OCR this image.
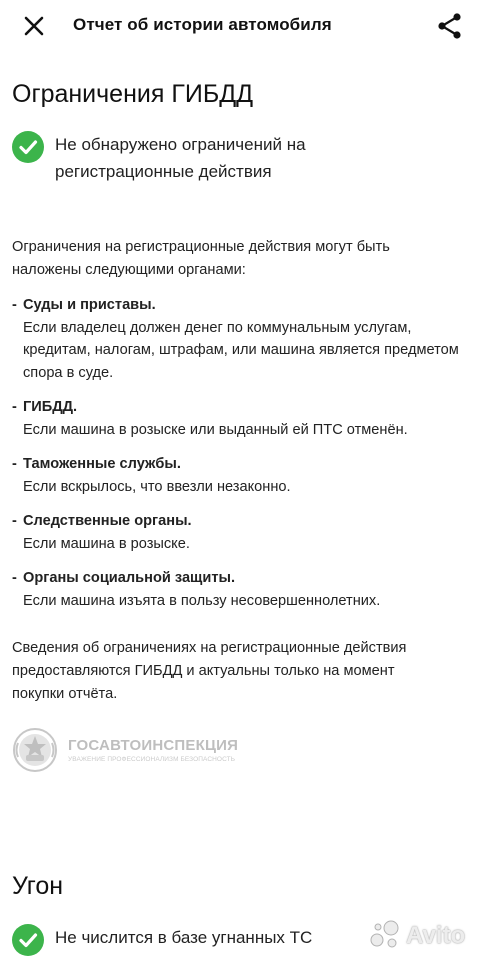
Отчет об истории автомобиля
Ограничения ГИБДД
Не обнаружено ограничений на регистрационные действия
Ограничения на регистрационные действия могут быть наложены следующими органами:
- Суды и приставы.
Если владелец должен денег по коммунальным услугам, кредитам, налогам, штрафам, или машина является предметом спора в суде.
- ГИБДД.
Если машина в розыске или выданный ей ПТС отменён.
- Таможенные службы.
Если вскрылось, что ввезли незаконно.
- Следственные органы.
Если машина в розыске.
- Органы социальной защиты.
Если машина изъята в пользу несовершеннолетних.
Сведения об ограничениях на регистрационные действия предоставляются ГИБДД и актуальны только на момент покупки отчёта.
ГОСАВТОИНСПЕКЦИЯ
УВАЖЕНИЕ ПРОФЕССИОНАЛИЗМ БЕЗОПАСНОСТЬ
Угон
Не числится в базе угнанных ТС	Avito
